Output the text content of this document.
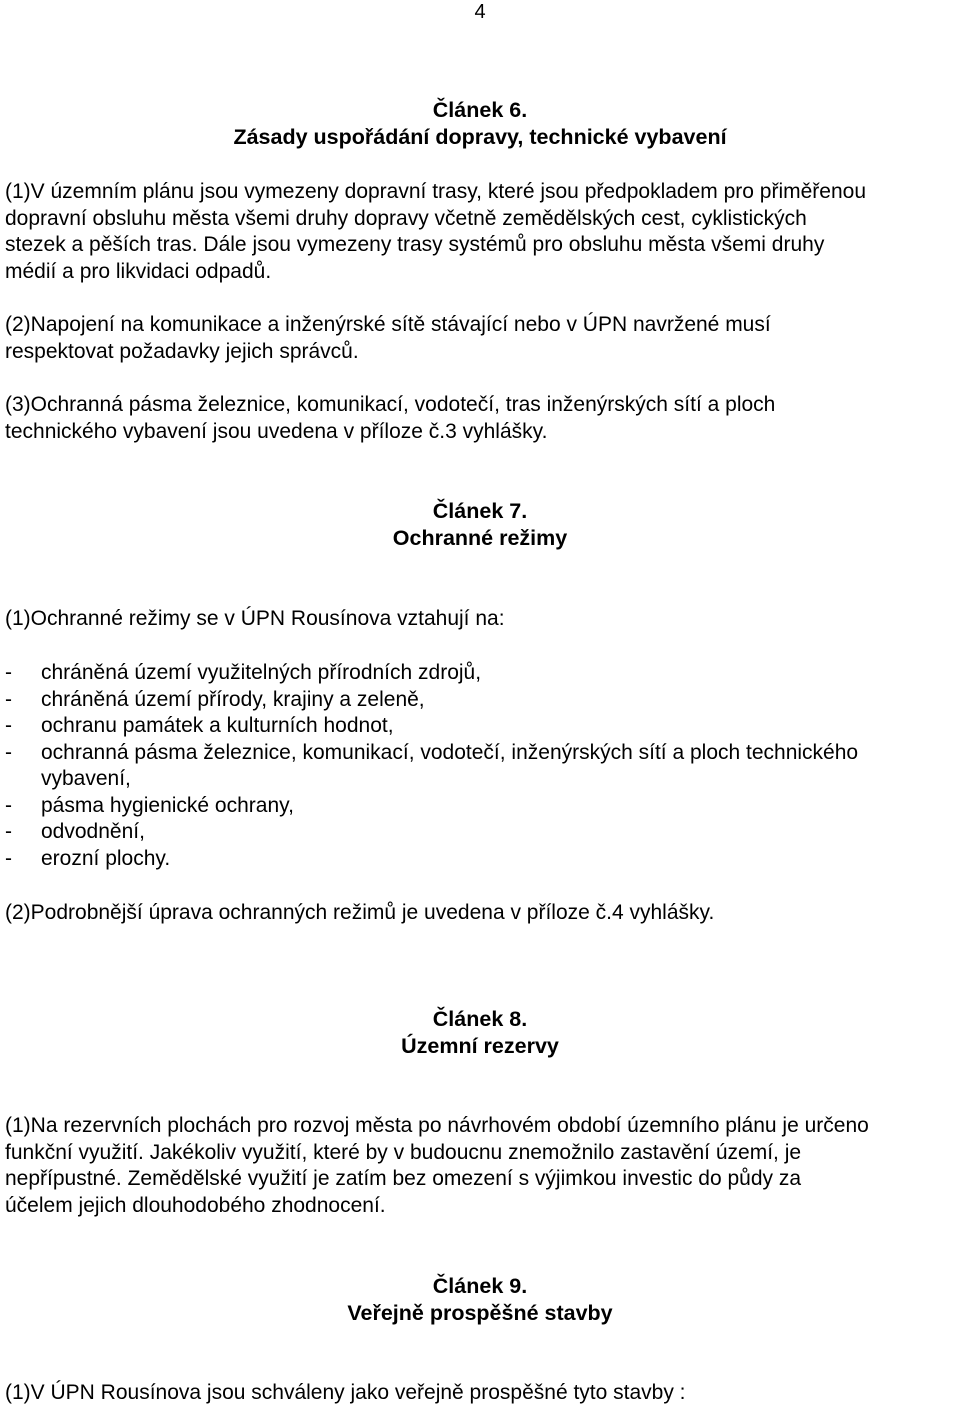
4
Článek 6.
Zásady uspořádání dopravy, technické vybavení

(1)V územním plánu jsou vymezeny dopravní trasy, které jsou předpokladem pro přiměřenou
dopravní obsluhu města všemi druhy dopravy včetně zemědělských cest, cyklistických
stezek a pěších tras. Dále jsou vymezeny trasy systémů pro obsluhu města všemi druhy
médií a pro likvidaci odpadů.

(2)Napojení na komunikace a inženýrské sítě stávající nebo v ÚPN navržené musí
respektovat požadavky jejich správců.

(3)Ochranná pásma železnice, komunikací, vodotečí, tras inženýrských sítí a ploch
technického vybavení jsou uvedena v příloze č.3 vyhlášky.

Článek 7.
Ochranné režimy

(1)Ochranné režimy se v ÚPN Rousínova vztahují na:

- chráněná území využitelných přírodních zdrojů,
- chráněná území přírody, krajiny a zeleně,
- ochranu památek a kulturních hodnot,
- ochranná pásma železnice, komunikací, vodotečí, inženýrských sítí a ploch technického
vybavení,
- pásma hygienické ochrany,
- odvodnění,
- erozní plochy.

(2)Podrobnější úprava ochranných režimů je uvedena v příloze č.4 vyhlášky.

Článek 8.
Územní rezervy

(1)Na rezervních plochách pro rozvoj města po návrhovém období územního plánu je určeno
funkční využití. Jakékoliv využití, které by v budoucnu znemožnilo zastavění území, je
nepřípustné. Zemědělské využití je zatím bez omezení s výjimkou investic do půdy za
účelem jejich dlouhodobého zhodnocení.

Článek 9.
Veřejně prospěšné stavby

(1)V ÚPN Rousínova jsou schváleny jako veřejně prospěšné tyto stavby :
